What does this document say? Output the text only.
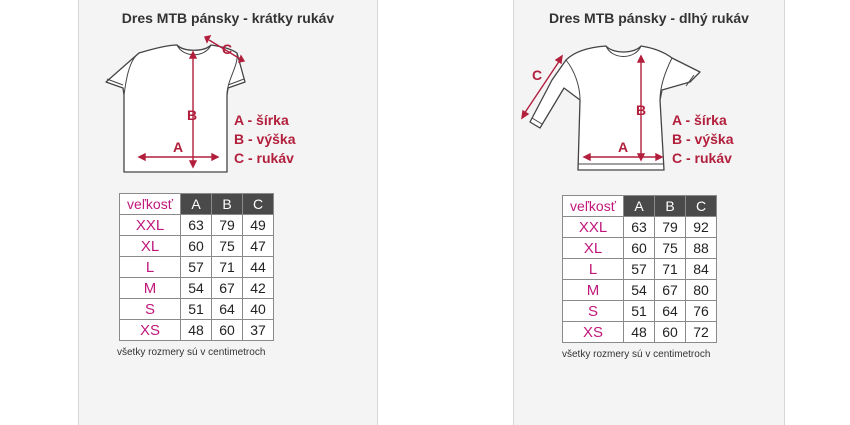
Dres MTB pánsky - krátky rukáv
B
A
C
A - šírka
B - výška
C - rukáv
veľkosť	A	B	C
XXL	63	79	49
XL	60	75	47
L	57	71	44
M	54	67	42
S	51	64	40
XS	48	60	37
všetky rozmery sú v centimetroch
Dres MTB pánsky - dlhý rukáv
B
A
C
A - šírka
B - výška
C - rukáv
veľkosť	A	B	C
XXL	63	79	92
XL	60	75	88
L	57	71	84
M	54	67	80
S	51	64	76
XS	48	60	72
všetky rozmery sú v centimetroch
